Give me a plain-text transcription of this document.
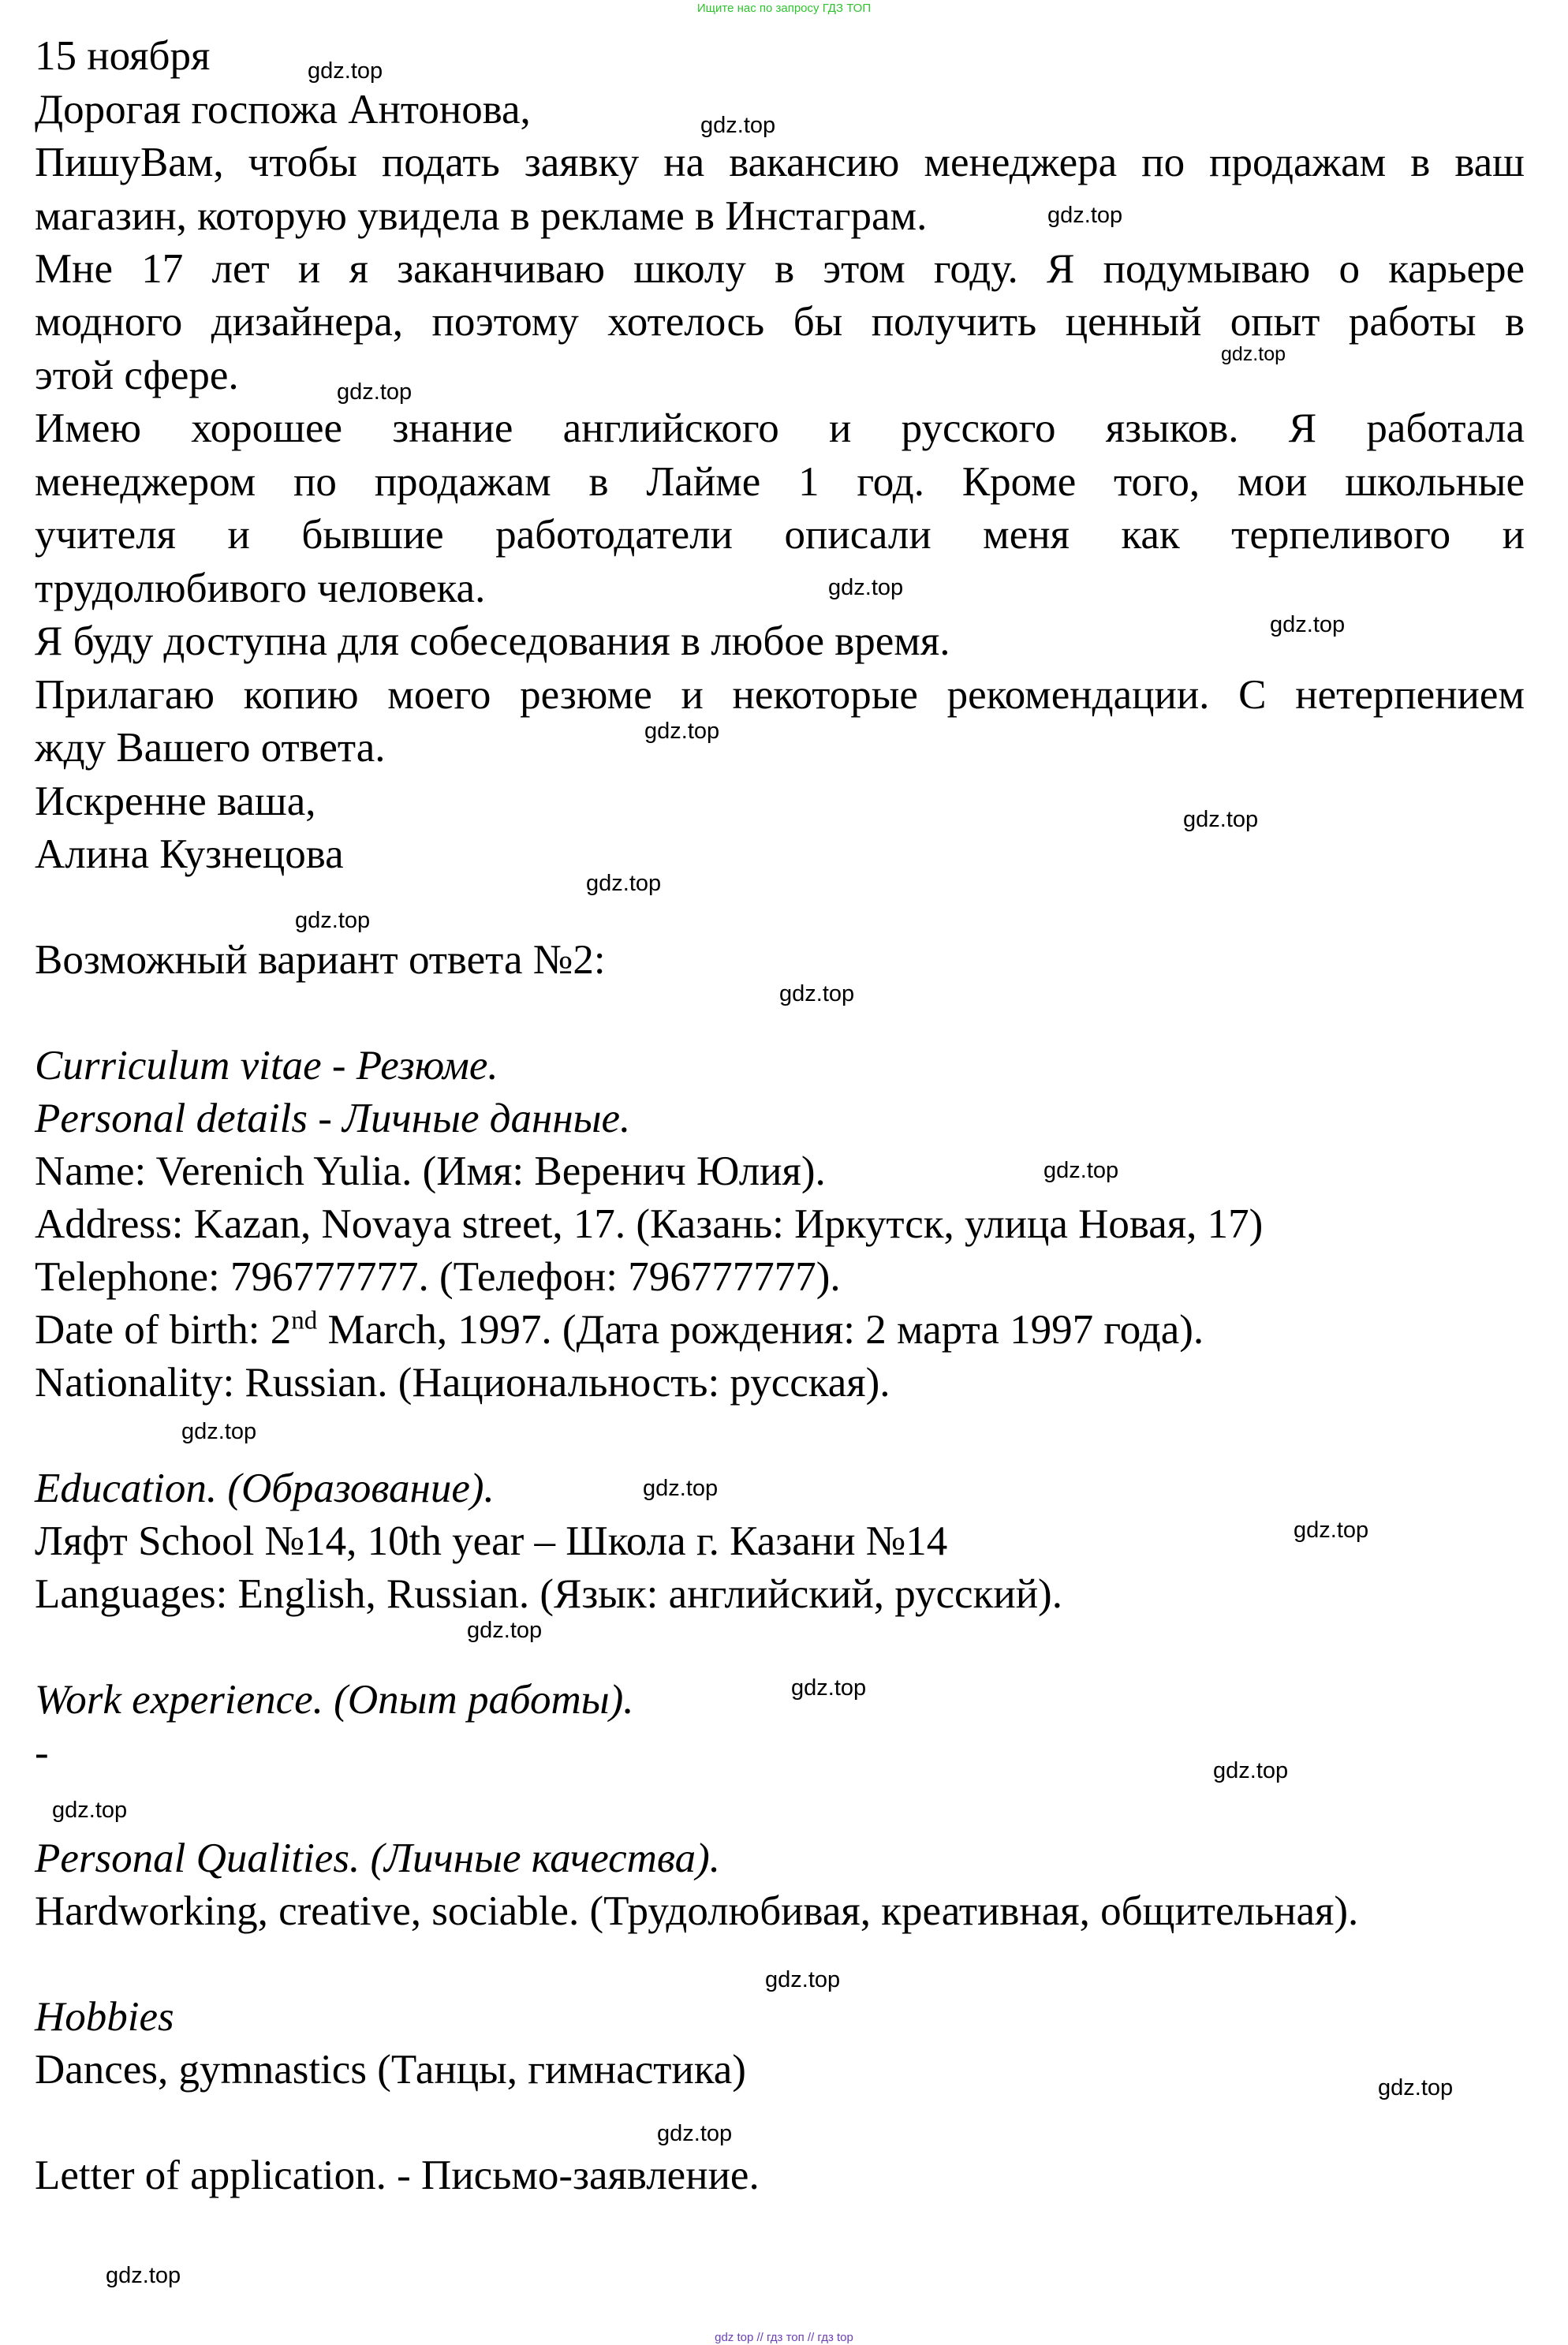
Ищите нас по запросу ГДЗ ТОП
15 ноября
Дорогая госпожа Антонова,
ПишуВам, чтобы подать заявку на вакансию менеджера по продажам в ваш
магазин, которую увидела в рекламе в Инстаграм.
Мне 17 лет и я заканчиваю школу в этом году. Я подумываю о карьере
модного дизайнера, поэтому хотелось бы получить ценный опыт работы в
этой сфере.
Имею хорошее знание английского и русского языков. Я работала
менеджером по продажам в Лайме 1 год. Кроме того, мои школьные
учителя и бывшие работодатели описали меня как терпеливого и
трудолюбивого человека.
Я буду доступна для собеседования в любое время.
Прилагаю копию моего резюме и некоторые рекомендации. С нетерпением
жду Вашего ответа.
Искренне ваша,
Алина Кузнецова
Возможный вариант ответа №2:
Curriculum vitae - Резюме.
Personal details - Личные данные.
Name: Verenich Yulia. (Имя: Веренич Юлия).
Address: Kazan, Novaya street, 17. (Казань: Иркутск, улица Новая, 17)
Telephone: 796777777. (Телефон: 796777777).
Date of birth: 2nd March, 1997. (Дата рождения: 2 марта 1997 года).
Nationality: Russian. (Национальность: русская).
Education. (Образование).
Ляфт School №14, 10th year – Школа г. Казани №14
Languages: English, Russian. (Язык: английский, русский).
Work experience. (Опыт работы).
-
Personal Qualities. (Личные качества).
Hardworking, creative, sociable. (Трудолюбивая, креативная, общительная).
Hobbies
Dances, gymnastics (Танцы, гимнастика)
Letter of application. - Письмо-заявление.
gdz.top
gdz.top
gdz.top
gdz.top
gdz.top
gdz.top
gdz.top
gdz.top
gdz.top
gdz.top
gdz.top
gdz.top
gdz.top
gdz.top
gdz.top
gdz.top
gdz.top
gdz.top
gdz.top
gdz.top
gdz.top
gdz.top
gdz.top
gdz.top
gdz top // гдз топ // гдз top
